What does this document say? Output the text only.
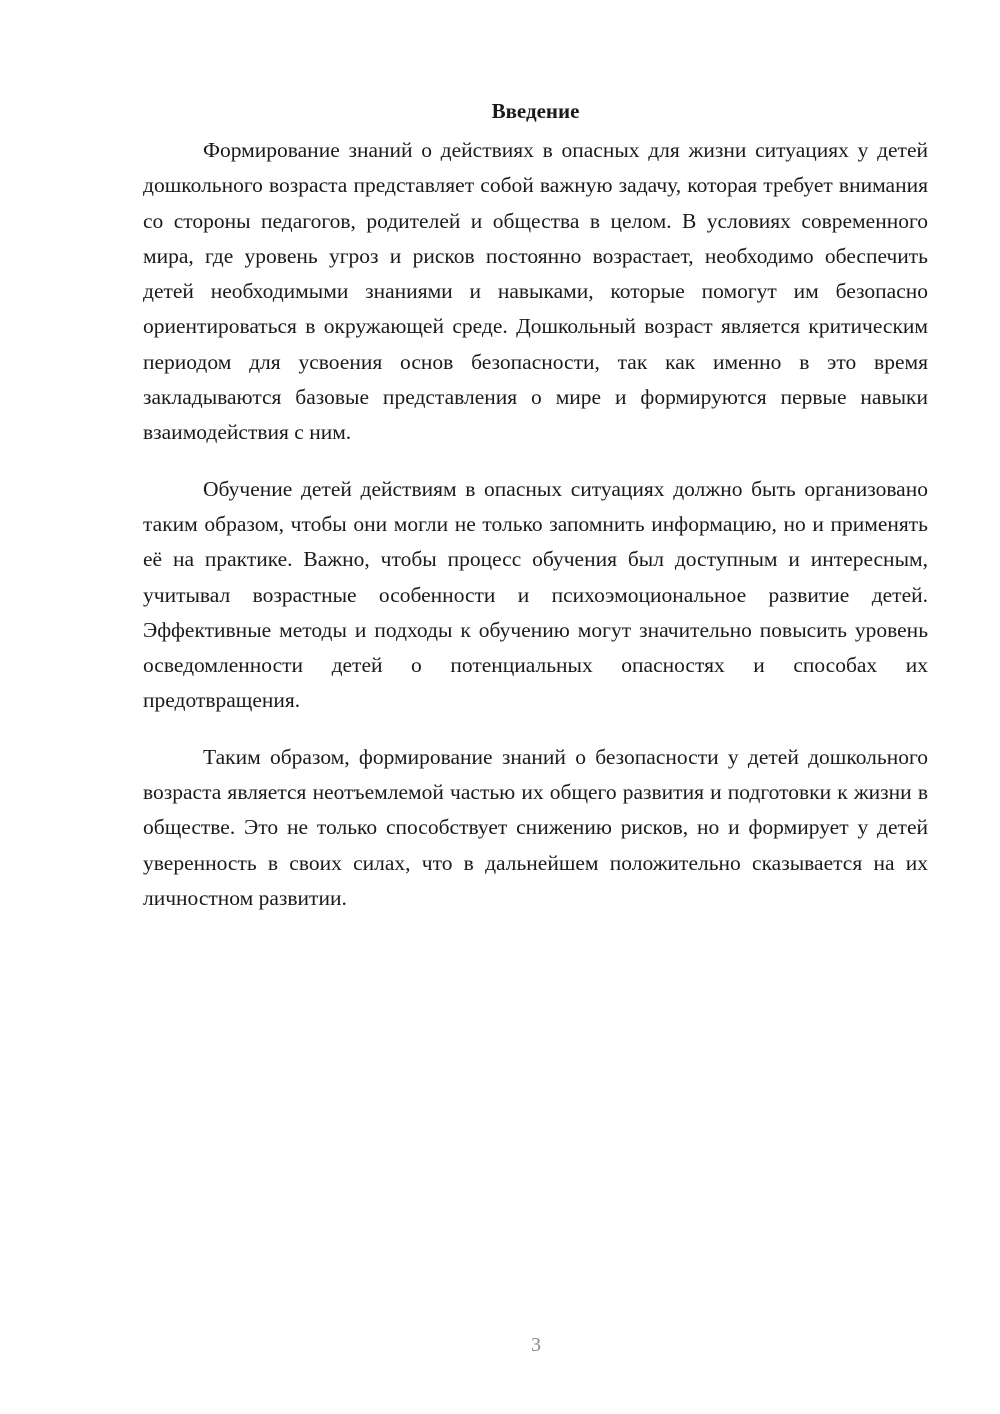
Введение

Формирование знаний о действиях в опасных для жизни ситуациях у детей дошкольного возраста представляет собой важную задачу, которая требует внимания со стороны педагогов, родителей и общества в целом. В условиях современного мира, где уровень угроз и рисков постоянно возрастает, необходимо обеспечить детей необходимыми знаниями и навыками, которые помогут им безопасно ориентироваться в окружающей среде. Дошкольный возраст является критическим периодом для усвоения основ безопасности, так как именно в это время закладываются базовые представления о мире и формируются первые навыки взаимодействия с ним.

Обучение детей действиям в опасных ситуациях должно быть организовано таким образом, чтобы они могли не только запомнить информацию, но и применять её на практике. Важно, чтобы процесс обучения был доступным и интересным, учитывал возрастные особенности и психоэмоциональное развитие детей. Эффективные методы и подходы к обучению могут значительно повысить уровень осведомленности детей о потенциальных опасностях и способах их предотвращения.

Таким образом, формирование знаний о безопасности у детей дошкольного возраста является неотъемлемой частью их общего развития и подготовки к жизни в обществе. Это не только способствует снижению рисков, но и формирует у детей уверенность в своих силах, что в дальнейшем положительно сказывается на их личностном развитии.

3
